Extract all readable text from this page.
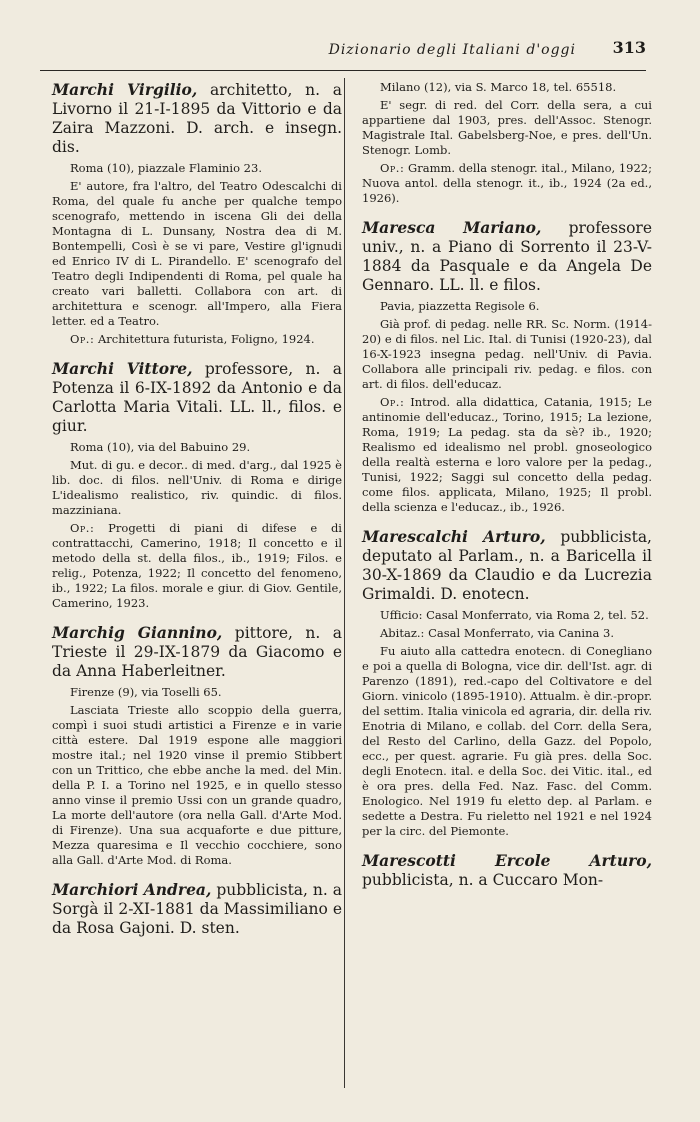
Dizionario degli Italiani d'oggi 313

Marchi Virgilio, architetto, n. a Livorno il 21-I-1895 da Vittorio e da Zaira Mazzoni. D. arch. e insegn. dis.

Roma (10), piazzale Flaminio 23.

E' autore, fra l'altro, del Teatro Odescalchi di Roma, del quale fu anche per qualche tempo scenografo, mettendo in iscena Gli dei della Montagna di L. Dunsany, Nostra dea di M. Bontempelli, Così è se vi pare, Vestire gl'ignudi ed Enrico IV di L. Pirandello. E' scenografo del Teatro degli Indipendenti di Roma, pel quale ha creato vari balletti. Collabora con art. di architettura e scenogr. all'Impero, alla Fiera letter. ed a Teatro.

Op.: Architettura futurista, Foligno, 1924.

Marchi Vittore, professore, n. a Potenza il 6-IX-1892 da Antonio e da Carlotta Maria Vitali. LL. ll., filos. e giur.

Roma (10), via del Babuino 29.

Mut. di gu. e decor.. di med. d'arg., dal 1925 è lib. doc. di filos. nell'Univ. di Roma e dirige L'idealismo realistico, riv. quindic. di filos. mazziniana.

Op.: Progetti di piani di difese e di contrattacchi, Camerino, 1918; Il concetto e il metodo della st. della filos., ib., 1919; Filos. e relig., Potenza, 1922; Il concetto del fenomeno, ib., 1922; La filos. morale e giur. di Giov. Gentile, Camerino, 1923.

Marchig Giannino, pittore, n. a Trieste il 29-IX-1879 da Giacomo e da Anna Haberleitner.

Firenze (9), via Toselli 65.

Lasciata Trieste allo scoppio della guerra, compì i suoi studi artistici a Firenze e in varie città estere. Dal 1919 espone alle maggiori mostre ital.; nel 1920 vinse il premio Stibbert con un Trittico, che ebbe anche la med. del Min. della P. I. a Torino nel 1925, e in quello stesso anno vinse il premio Ussi con un grande quadro, La morte dell'autore (ora nella Gall. d'Arte Mod. di Firenze). Una sua acquaforte e due pitture, Mezza quaresima e Il vecchio cocchiere, sono alla Gall. d'Arte Mod. di Roma.

Marchiori Andrea, pubblicista, n. a Sorgà il 2-XI-1881 da Massimiliano e da Rosa Gajoni. D. sten.

Milano (12), via S. Marco 18, tel. 65518.

E' segr. di red. del Corr. della sera, a cui appartiene dal 1903, pres. dell'Assoc. Stenogr. Magistrale Ital. Gabelsberg-Noe, e pres. dell'Un. Stenogr. Lomb.

Op.: Gramm. della stenogr. ital., Milano, 1922; Nuova antol. della stenogr. it., ib., 1924 (2a ed., 1926).

Maresca Mariano, professore univ., n. a Piano di Sorrento il 23-V-1884 da Pasquale e da Angela De Gennaro. LL. ll. e filos.

Pavia, piazzetta Regisole 6.

Già prof. di pedag. nelle RR. Sc. Norm. (1914-20) e di filos. nel Lic. Ital. di Tunisi (1920-23), dal 16-X-1923 insegna pedag. nell'Univ. di Pavia. Collabora alle principali riv. pedag. e filos. con art. di filos. dell'educaz.

Op.: Introd. alla didattica, Catania, 1915; Le antinomie dell'educaz., Torino, 1915; La lezione, Roma, 1919; La pedag. sta da sè? ib., 1920; Realismo ed idealismo nel probl. gnoseologico della realtà esterna e loro valore per la pedag., Tunisi, 1922; Saggi sul concetto della pedag. come filos. applicata, Milano, 1925; Il probl. della scienza e l'educaz., ib., 1926.

Marescalchi Arturo, pubblicista, deputato al Parlam., n. a Baricella il 30-X-1869 da Claudio e da Lucrezia Grimaldi. D. enotecn.

Ufficio: Casal Monferrato, via Roma 2, tel. 52.

Abitaz.: Casal Monferrato, via Canina 3.

Fu aiuto alla cattedra enotecn. di Conegliano e poi a quella di Bologna, vice dir. dell'Ist. agr. di Parenzo (1891), red.-capo del Coltivatore e del Giorn. vinicolo (1895-1910). Attualm. è dir.-propr. del settim. Italia vinicola ed agraria, dir. della riv. Enotria di Milano, e collab. del Corr. della Sera, del Resto del Carlino, della Gazz. del Popolo, ecc., per quest. agrarie. Fu già pres. della Soc. degli Enotecn. ital. e della Soc. dei Vitic. ital., ed è ora pres. della Fed. Naz. Fasc. del Comm. Enologico. Nel 1919 fu eletto dep. al Parlam. e sedette a Destra. Fu rieletto nel 1921 e nel 1924 per la circ. del Piemonte.

Marescotti Ercole Arturo, pubblicista, n. a Cuccaro Mon-
